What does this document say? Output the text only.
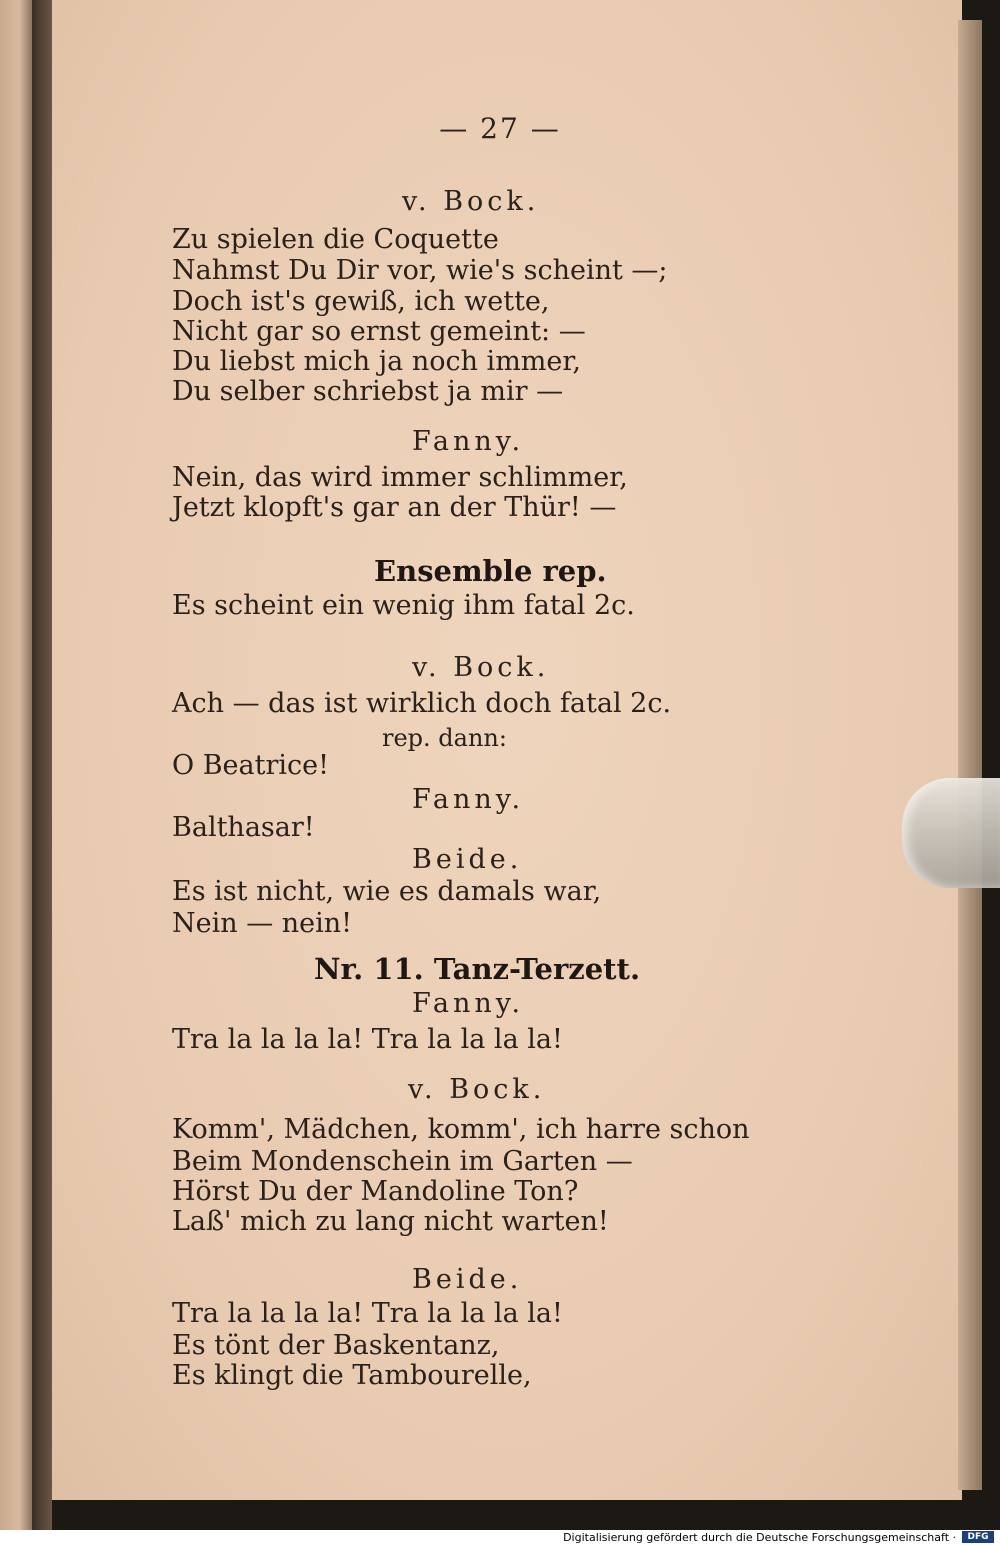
— 27 —
v. Bock.
Zu spielen die Coquette
Nahmst Du Dir vor, wie's scheint —;
Doch ist's gewiß, ich wette,
Nicht gar so ernst gemeint: —
Du liebst mich ja noch immer,
Du selber schriebst ja mir —
Fanny.
Nein, das wird immer schlimmer,
Jetzt klopft's gar an der Thür! —
Ensemble rep.
Es scheint ein wenig ihm fatal 2c.
v. Bock.
Ach — das ist wirklich doch fatal 2c.
rep. dann:
O Beatrice!
Fanny.
Balthasar!
Beide.
Es ist nicht, wie es damals war,
Nein — nein!
Nr. 11. Tanz-Terzett.
Fanny.
Tra la la la la! Tra la la la la!
v. Bock.
Komm', Mädchen, komm', ich harre schon
Beim Mondenschein im Garten —
Hörst Du der Mandoline Ton?
Laß' mich zu lang nicht warten!
Beide.
Tra la la la la! Tra la la la la!
Es tönt der Baskentanz,
Es klingt die Tambourelle,
Digitalisierung gefördert durch die Deutsche Forschungsgemeinschaft ·	DFG
